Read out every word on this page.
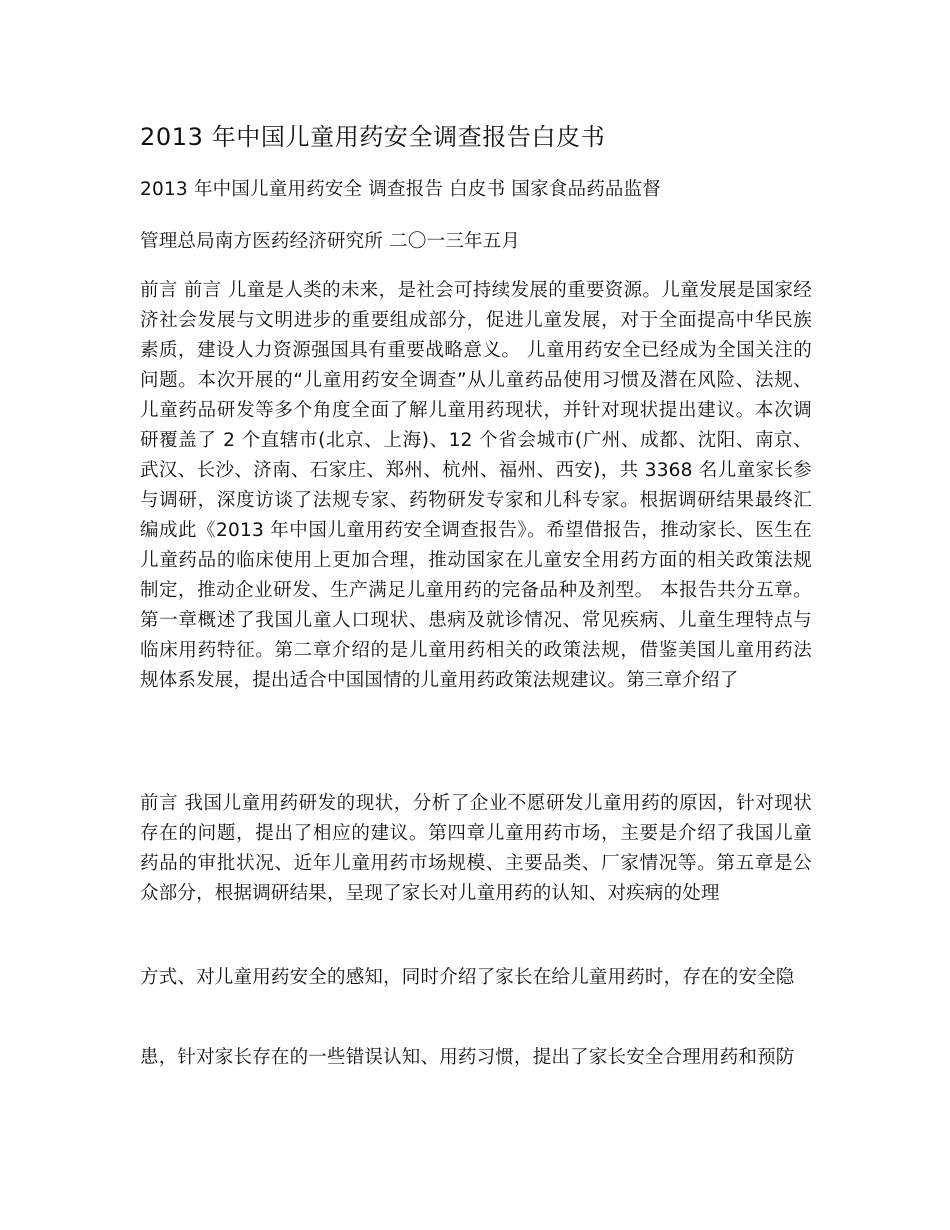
2013 年中国儿童用药安全调查报告白皮书

2013 年中国儿童用药安全 调查报告 白皮书 国家食品药品监督

管理总局南方医药经济研究所 二〇一三年五月

前言 前言 儿童是人类的未来，是社会可持续发展的重要资源。儿童发展是国家经济社会发展与文明进步的重要组成部分，促进儿童发展，对于全面提高中华民族素质，建设人力资源强国具有重要战略意义。 儿童用药安全已经成为全国关注的问题。本次开展的“儿童用药安全调查”从儿童药品使用习惯及潜在风险、法规、儿童药品研发等多个角度全面了解儿童用药现状，并针对现状提出建议。本次调研覆盖了 2 个直辖市(北京、上海)、12 个省会城市(广州、成都、沈阳、南京、武汉、长沙、济南、石家庄、郑州、杭州、福州、西安)，共 3368 名儿童家长参与调研，深度访谈了法规专家、药物研发专家和儿科专家。根据调研结果最终汇编成此《2013 年中国儿童用药安全调查报告》。希望借报告，推动家长、医生在儿童药品的临床使用上更加合理，推动国家在儿童安全用药方面的相关政策法规制定，推动企业研发、生产满足儿童用药的完备品种及剂型。 本报告共分五章。第一章概述了我国儿童人口现状、患病及就诊情况、常见疾病、儿童生理特点与临床用药特征。第二章介绍的是儿童用药相关的政策法规，借鉴美国儿童用药法规体系发展，提出适合中国国情的儿童用药政策法规建议。第三章介绍了

前言 我国儿童用药研发的现状，分析了企业不愿研发儿童用药的原因，针对现状存在的问题，提出了相应的建议。第四章儿童用药市场，主要是介绍了我国儿童药品的审批状况、近年儿童用药市场规模、主要品类、厂家情况等。第五章是公众部分，根据调研结果，呈现了家长对儿童用药的认知、对疾病的处理

方式、对儿童用药安全的感知，同时介绍了家长在给儿童用药时，存在的安全隐

患，针对家长存在的一些错误认知、用药习惯，提出了家长安全合理用药和预防
